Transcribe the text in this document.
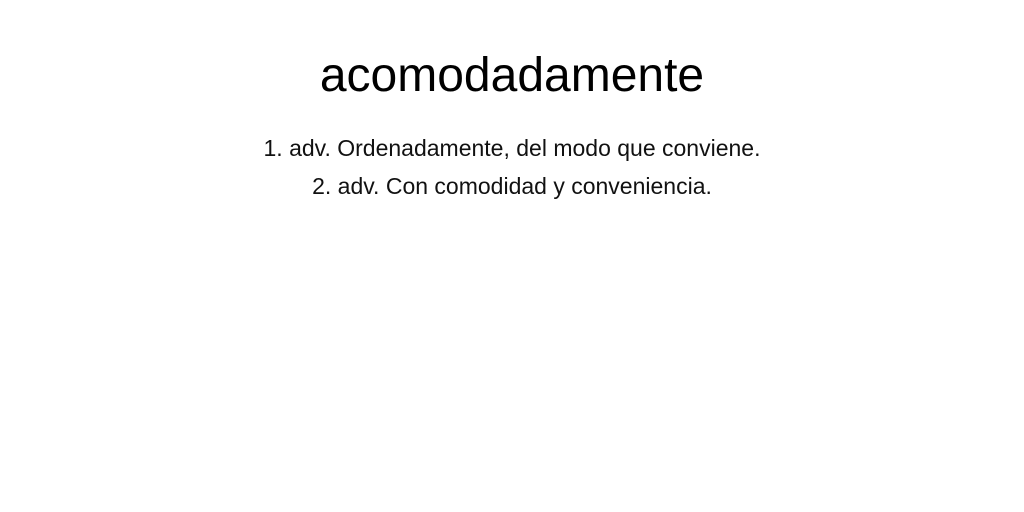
acomodadamente
1. adv. Ordenadamente, del modo que conviene.
2. adv. Con comodidad y conveniencia.
